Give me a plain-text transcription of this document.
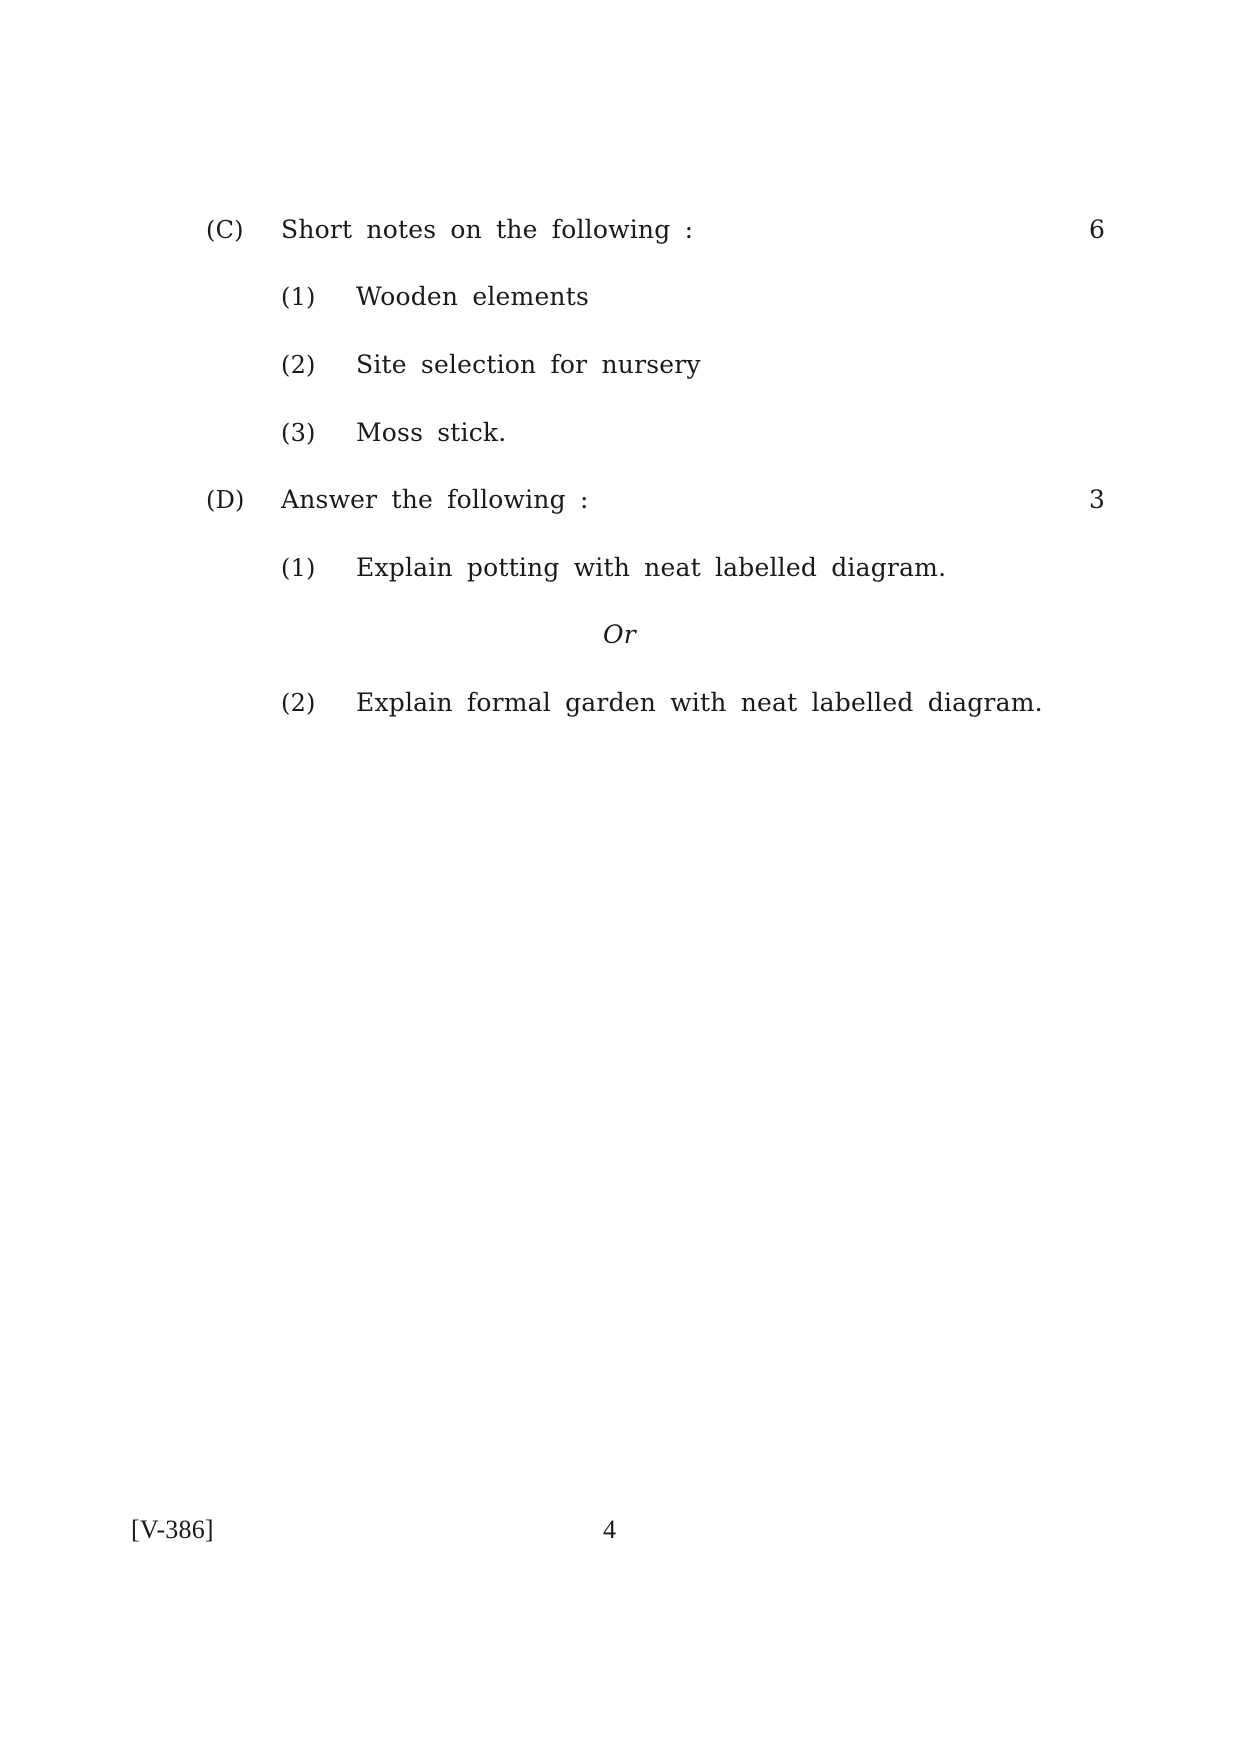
(C) Short notes on the following :	6
(1) Wooden elements
(2) Site selection for nursery
(3) Moss stick.
(D) Answer the following :	3
(1) Explain potting with neat labelled diagram.
Or
(2) Explain formal garden with neat labelled diagram.
[V-386]	4
